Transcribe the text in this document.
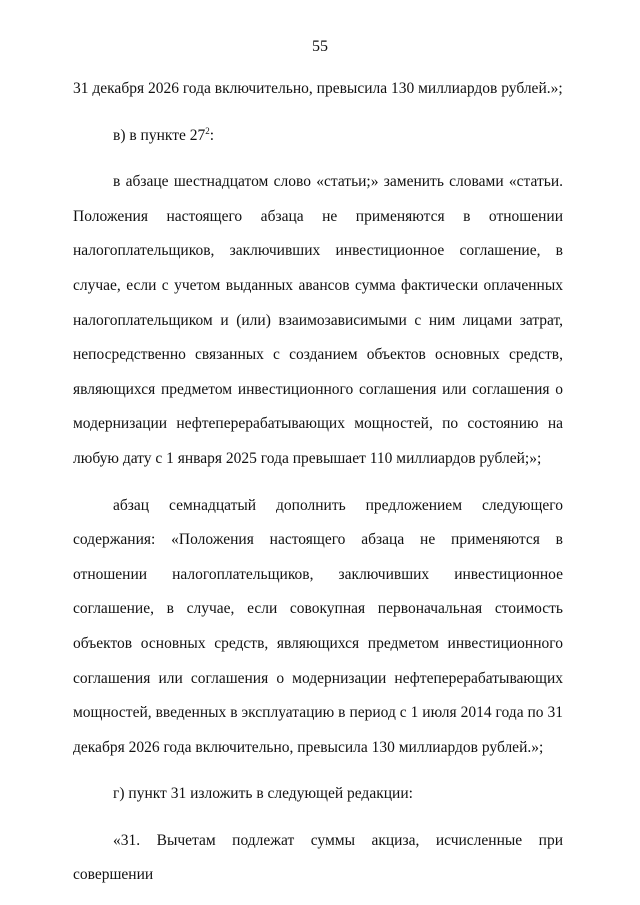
55

31 декабря 2026 года включительно, превысила 130 миллиардов рублей.»;

в) в пункте $27^2$:

в абзаце шестнадцатом слово «статьи;» заменить словами «статьи. Положения настоящего абзаца не применяются в отношении налогоплательщиков, заключивших инвестиционное соглашение, в случае, если с учетом выданных авансов сумма фактически оплаченных налогоплательщиком и (или) взаимозависимыми с ним лицами затрат, непосредственно связанных с созданием объектов основных средств, являющихся предметом инвестиционного соглашения или соглашения о модернизации нефтеперерабатывающих мощностей, по состоянию на любую дату с 1 января 2025 года превышает 110 миллиардов рублей;»;

абзац семнадцатый дополнить предложением следующего содержания: «Положения настоящего абзаца не применяются в отношении налогоплательщиков, заключивших инвестиционное соглашение, в случае, если совокупная первоначальная стоимость объектов основных средств, являющихся предметом инвестиционного соглашения или соглашения о модернизации нефтеперерабатывающих мощностей, введенных в эксплуатацию в период с 1 июля 2014 года по 31 декабря 2026 года включительно, превысила 130 миллиардов рублей.»;

г) пункт 31 изложить в следующей редакции:

«31. Вычетам подлежат суммы акциза, исчисленные при совершении
